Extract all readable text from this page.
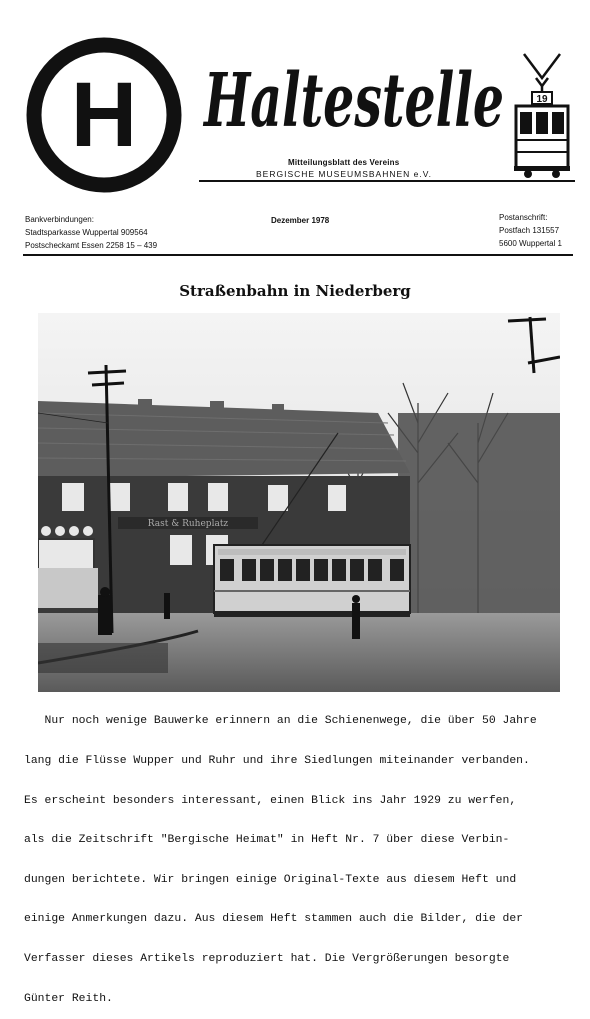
H Haltestelle	19
Mitteilungsblatt des Vereins
BERGISCHE MUSEUMSBAHNEN e.V.
Bankverbindungen:
Stadtsparkasse Wuppertal 909564
Postscheckamt Essen 2258 15 – 439
Dezember 1978	Postanschrift:
Postfach 131557
5600 Wuppertal 1
Straßenbahn in Niederberg
Rast & Ruheplatz

Nur noch wenige Bauwerke erinnern an die Schienenwege, die über 50 Jahre

lang die Flüsse Wupper und Ruhr und ihre Siedlungen miteinander verbanden.

Es erscheint besonders interessant, einen Blick ins Jahr 1929 zu werfen,

als die Zeitschrift "Bergische Heimat" in Heft Nr. 7 über diese Verbin-

dungen berichtete. Wir bringen einige Original-Texte aus diesem Heft und

einige Anmerkungen dazu. Aus diesem Heft stammen auch die Bilder, die der

Verfasser dieses Artikels reproduziert hat. Die Vergrößerungen besorgte

Günter Reith.
